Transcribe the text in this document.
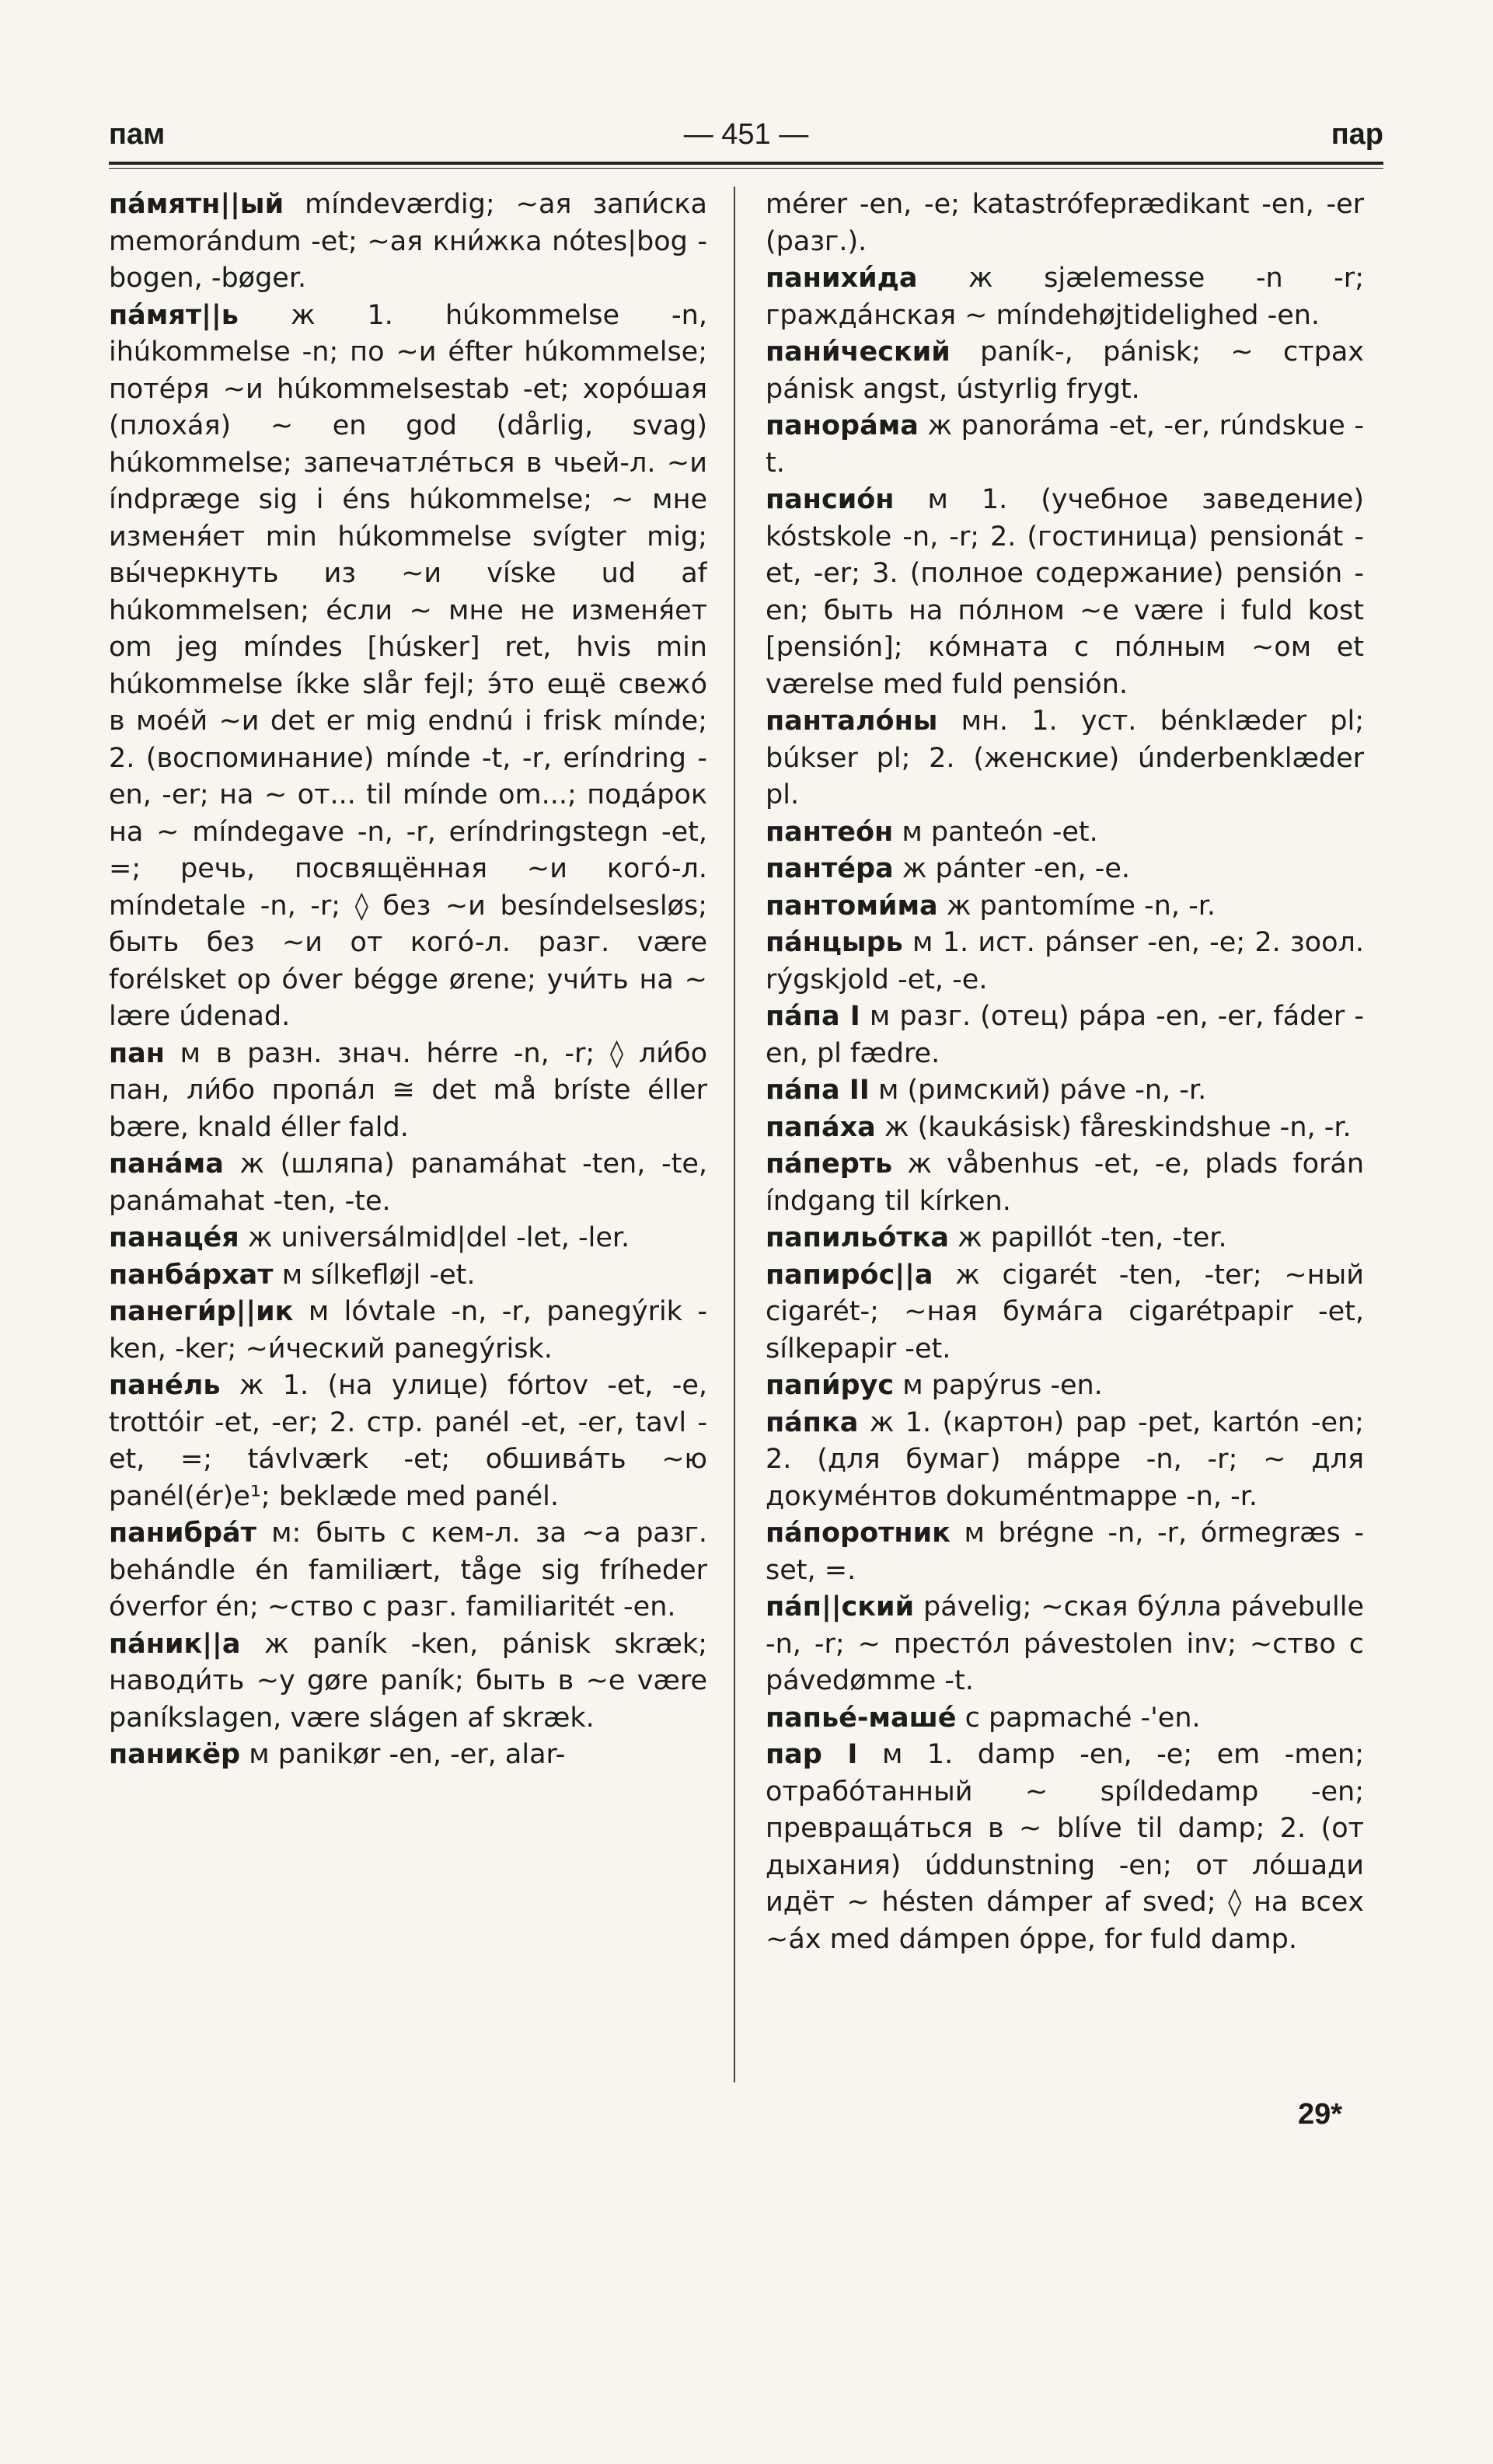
пам	— 451 —	пар

па́мятн||ый míndeværdig; ~ая запи́ска memorándum -et; ~ая кни́жка nótes|bog -bogen, -bøger.

па́мят||ь ж 1. húkommelse -n, ihúkommelse -n; по ~и éfter húkommelse; потéря ~и húkommelsestab -et; хорóшая (плохáя) ~ en god (dårlig, svag) húkommelse; запечатлéться в чьей-л. ~и índpræge sig i éns húkommelse; ~ мне изменя́ет min húkommelse svígter mig; вы́черкнуть из ~и víske ud af húkommelsen; éсли ~ мне не изменя́ет om jeg míndes [húsker] ret, hvis min húkommelse íkke slår fejl; э́то ещё свежó в моéй ~и det er mig endnú i frisk mínde; 2. (воспоминание) mínde -t, -r, eríndring -en, -er; на ~ от... til mínde om...; подáрок на ~ míndegave -n, -r, eríndringstegn -et, =; речь, посвящённая ~и когó-л. míndetale -n, -r; ◊ без ~и besíndelsesløs; быть без ~и от когó-л. разг. være forélsket op óver bégge ørene; учи́ть на ~ lære údenad.

пан м в разн. знач. hérre -n, -r; ◊ ли́бо пан, ли́бо пропáл ≅ det må bríste éller bære, knald éller fald.

панáма ж (шляпа) panamáhat -ten, -te, panámahat -ten, -te.

панацéя ж universálmid|del -let, -ler.

панбáрхат м sílkefløjl -et.

панеги́р||ик м lóvtale -n, -r, panegýrik -ken, -ker; ~и́ческий panegýrisk.

панéль ж 1. (на улице) fórtov -et, -e, trottóir -et, -er; 2. стр. panél -et, -er, tavl -et, =; távlværk -et; обшивáть ~ю panél(ér)e¹; beklæde med panél.

панибрáт м: быть с кем-л. за ~а разг. behándle én familiært, tåge sig fríheder óverfor én; ~ство с разг. familiaritét -en.

пáник||а ж paník -ken, pánisk skræk; наводи́ть ~у gøre paník; быть в ~е være paníkslagen, være slágen af skræk.

паникёр м panikør -en, -er, alar-

mérer -en, -e; katastrófeprædikant -en, -er (разг.).

панихи́да ж sjælemesse -n -r; граждáнская ~ míndehøjtidelighed -en.

пани́ческий paník-, pánisk; ~ страх pánisk angst, ústyrlig frygt.

панорáма ж panoráma -et, -er, rúndskue -t.

пансиóн м 1. (учебное заведение) kóstskole -n, -r; 2. (гостиница) pensionát -et, -er; 3. (полное содержание) pensión -en; быть на пóлном ~е være i fuld kost [pensión]; кóмната с пóлным ~ом et værelse med fuld pensión.

панталóны мн. 1. уст. bénklæder pl; búkser pl; 2. (женские) únderbenklæder pl.

пантеóн м panteón -et.

пантéра ж pánter -en, -e.

пантоми́ма ж pantomíme -n, -r.

пáнцырь м 1. ист. pánser -en, -e; 2. зоол. rýgskjold -et, -e.

пáпа I м разг. (отец) pápa -en, -er, fáder -en, pl fædre.

пáпа II м (римский) páve -n, -r.

папáха ж (kaukásisk) fåreskindshue -n, -r.

пáперть ж våbenhus -et, -e, plads forán índgang til kírken.

папильóтка ж papillót -ten, -ter.

папирóс||а ж cigarét -ten, -ter; ~ный cigarét-; ~ная бумáга cigarétpapir -et, sílkepapir -et.

папи́рус м papýrus -en.

пáпка ж 1. (картон) pap -pet, kartón -en; 2. (для бумаг) máppe -n, -r; ~ для докумéнтов dokuméntmappe -n, -r.

пáпоротник м brégne -n, -r, órmegræs -set, =.

пáп||ский pávelig; ~ская бýлла pávebulle -n, -r; ~ престóл pávestolen inv; ~ство с pávedømme -t.

папьé-машé с papmaché -'en.

пар I м 1. damp -en, -e; em -men; отрабóтанный ~ spíldedamp -en; превращáться в ~ blíve til damp; 2. (от дыхания) úddunstning -en; от лóшади идёт ~ hésten dámper af sved; ◊ на всех ~áx med dámpen óppe, for fuld damp.

29*
